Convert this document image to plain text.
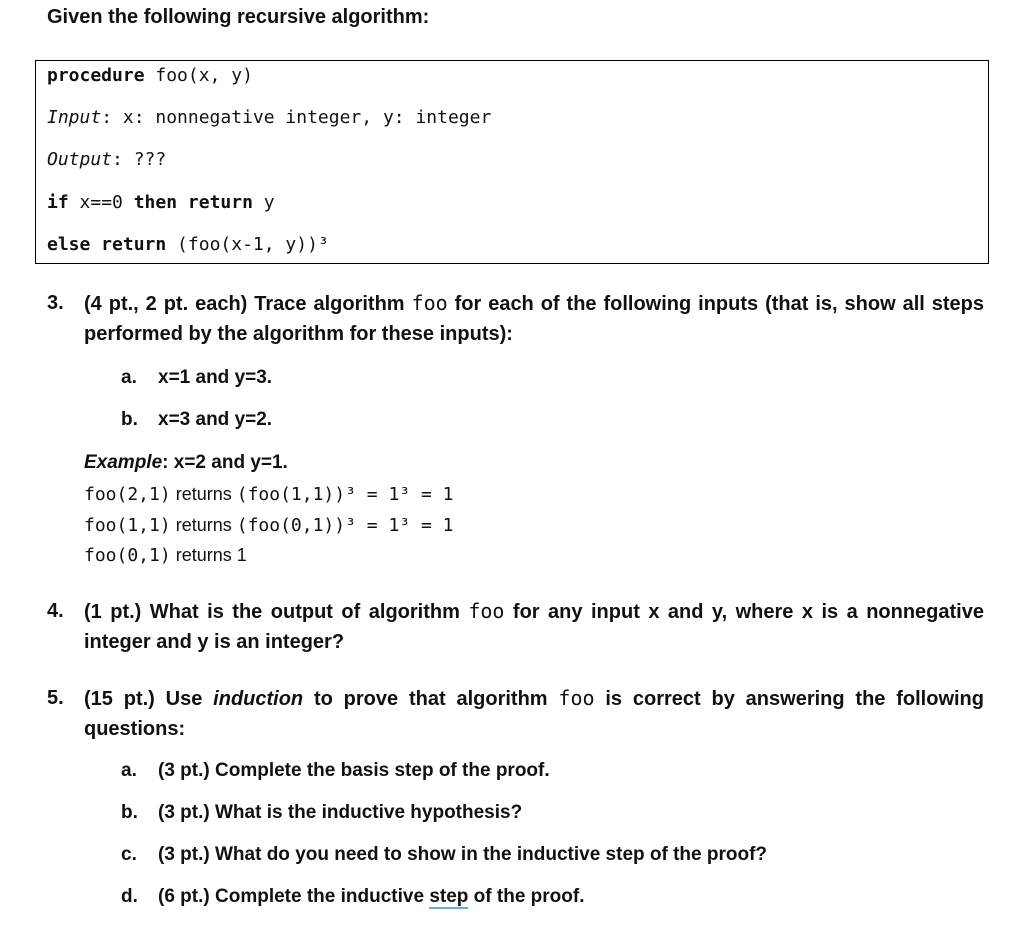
Given the following recursive algorithm:
procedure foo(x, y)
Input: x: nonnegative integer, y: integer
Output: ???
if x==0 then return y
else return (foo(x-1, y))³
3. (4 pt., 2 pt. each) Trace algorithm foo for each of the following inputs (that is, show all steps performed by the algorithm for these inputs):
a. x=1 and y=3.
b. x=3 and y=2.
Example: x=2 and y=1.
foo(2,1) returns (foo(1,1))³ = 1³ = 1
foo(1,1) returns (foo(0,1))³ = 1³ = 1
foo(0,1) returns 1
4. (1 pt.) What is the output of algorithm foo for any input x and y, where x is a nonnegative integer and y is an integer?
5. (15 pt.) Use induction to prove that algorithm foo is correct by answering the following questions:
a. (3 pt.) Complete the basis step of the proof.
b. (3 pt.) What is the inductive hypothesis?
c. (3 pt.) What do you need to show in the inductive step of the proof?
d. (6 pt.) Complete the inductive step of the proof.
